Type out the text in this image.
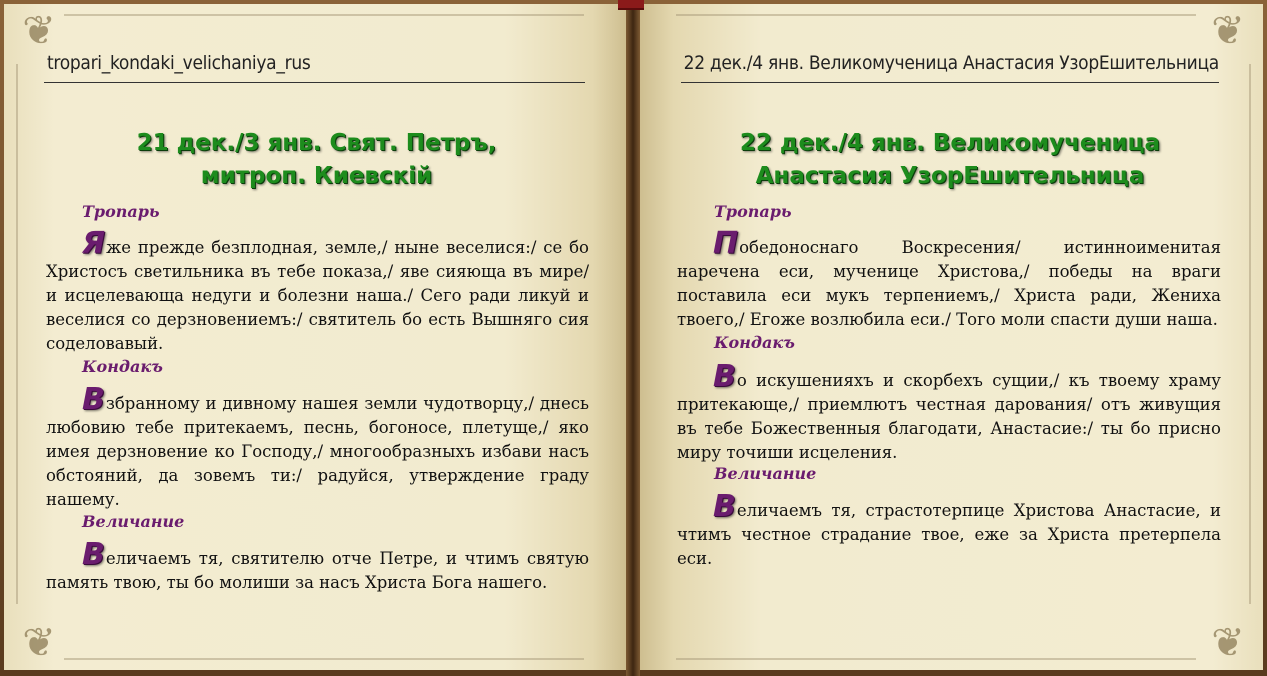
❦
❦
❦
❦
tropari_kondaki_velichaniya_rus
21 дек./3 янв. Свят. Петръ,
митроп. Киевскiй
Тропарь
Яже прежде безплодная, земле,/ нынe веселися:/ се бо Христосъ светильника въ тебе показа,/ яве сияюща въ мире/ и исцелевающа недуги и болезни наша./ Сего ради ликуй и веселися со дерзновениемъ:/ святитель бо есть Вышняго сия содeловавый.
Кондакъ
Взбранному и дивному нашея земли чудотворцу,/ днесь любовию тебе притекаемъ, песнь, богоносе, плетуще,/ яко имея дерзновение ко Господу,/ многообразныхъ избави насъ обстояний, да зовемъ ти:/ радуйся, утверждение граду нашему.
Величание
Величаемъ тя, святителю отче Петре, и чтимъ святую память твою, ты бо молиши за насъ Христа Бога нашего.
22 дек./4 янв. Великомученица Анастасия УзорEшительница
22 дек./4 янв. Великомученица
Анастасия УзорEшительница
Тропарь
Побeдоноснаго Воскресения/ истинноименитая наречена еси, мученице Христова,/ победы на враги поставила еси мукъ терпениемъ,/ Христа ради, Жениха твоего,/ Егоже возлюбила еси./ Того моли спасти души наша.
Кондакъ
Во искушенияхъ и скорбехъ сущии,/ къ твоему храму притекающе,/ приемлютъ честная дарования/ отъ живущия въ тебе Божественныя благодати, Анастасие:/ ты бо присно миру точиши исцеления.
Величание
Величаемъ тя, страстотерпице Христова Анастасие, и чтимъ честное страдание твое, еже за Христа претерпела еси.
